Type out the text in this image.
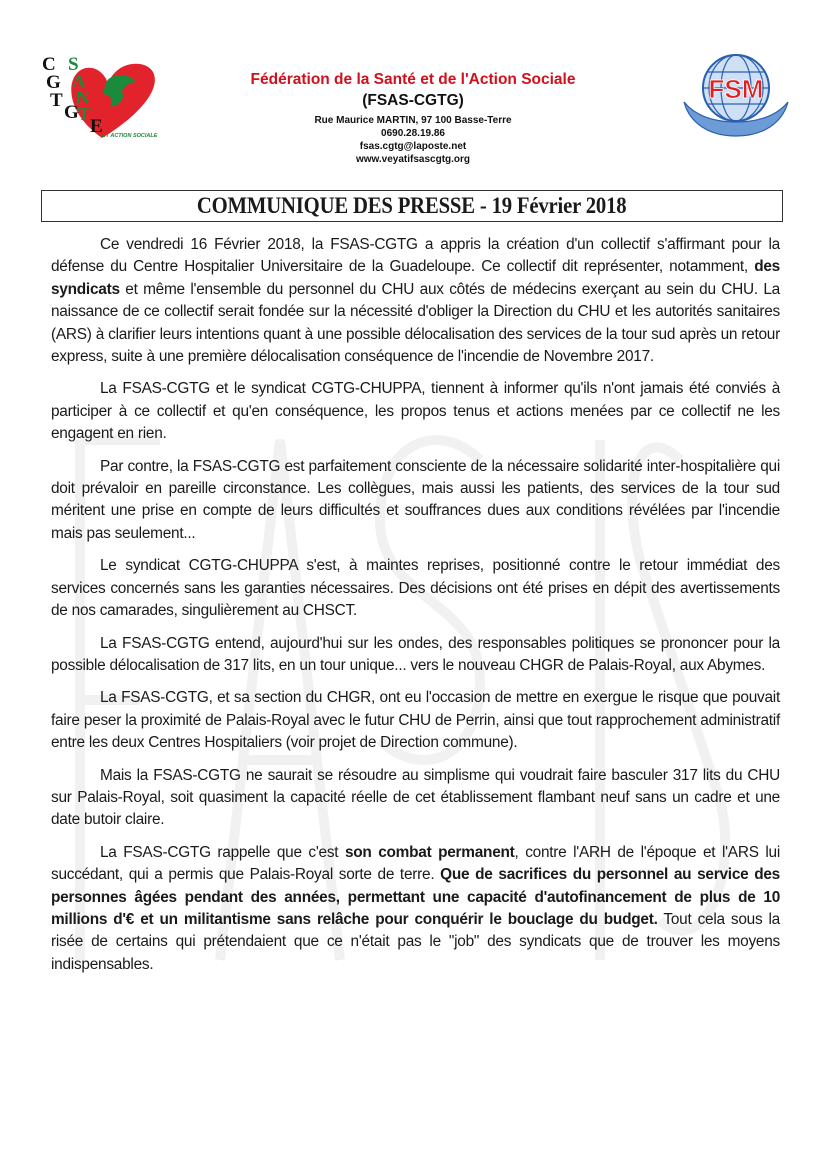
C S
G A
T N
G T
E ET ACTION SOCIALE
Fédération de la Santé et de l'Action Sociale
(FSAS-CGTG)
Rue Maurice MARTIN, 97 100 Basse-Terre
0690.28.19.86
fsas.cgtg@laposte.net
www.veyatifsascgtg.org
FSM
COMMUNIQUE DES PRESSE - 19 Février 2018

Ce vendredi 16 Février 2018, la FSAS-CGTG a appris la création d'un collectif s'affirmant pour la défense du Centre Hospitalier Universitaire de la Guadeloupe. Ce collectif dit représenter, notamment, des syndicats et même l'ensemble du personnel du CHU aux côtés de médecins exerçant au sein du CHU. La naissance de ce collectif serait fondée sur la nécessité d'obliger la Direction du CHU et les autorités sanitaires (ARS) à clarifier leurs intentions quant à une possible délocalisation des services de la tour sud après un retour express, suite à une première délocalisation conséquence de l'incendie de Novembre 2017.

La FSAS-CGTG et le syndicat CGTG-CHUPPA, tiennent à informer qu'ils n'ont jamais été conviés à participer à ce collectif et qu'en conséquence, les propos tenus et actions menées par ce collectif ne les engagent en rien.

Par contre, la FSAS-CGTG est parfaitement consciente de la nécessaire solidarité inter-hospitalière qui doit prévaloir en pareille circonstance. Les collègues, mais aussi les patients, des services de la tour sud méritent une prise en compte de leurs difficultés et souffrances dues aux conditions révélées par l'incendie mais pas seulement...

Le syndicat CGTG-CHUPPA s'est, à maintes reprises, positionné contre le retour immédiat des services concernés sans les garanties nécessaires. Des décisions ont été prises en dépit des avertissements de nos camarades, singulièrement au CHSCT.

La FSAS-CGTG entend, aujourd'hui sur les ondes, des responsables politiques se prononcer pour la possible délocalisation de 317 lits, en un tour unique... vers le nouveau CHGR de Palais-Royal, aux Abymes.

La FSAS-CGTG, et sa section du CHGR, ont eu l'occasion de mettre en exergue le risque que pouvait faire peser la proximité de Palais-Royal avec le futur CHU de Perrin, ainsi que tout rapprochement administratif entre les deux Centres Hospitaliers (voir projet de Direction commune).

Mais la FSAS-CGTG ne saurait se résoudre au simplisme qui voudrait faire basculer 317 lits du CHU sur Palais-Royal, soit quasiment la capacité réelle de cet établissement flambant neuf sans un cadre et une date butoir claire.

La FSAS-CGTG rappelle que c'est son combat permanent, contre l'ARH de l'époque et l'ARS lui succédant, qui a permis que Palais-Royal sorte de terre. Que de sacrifices du personnel au service des personnes âgées pendant des années, permettant une capacité d'autofinancement de plus de 10 millions d'€ et un militantisme sans relâche pour conquérir le bouclage du budget. Tout cela sous la risée de certains qui prétendaient que ce n'était pas le "job" des syndicats que de trouver les moyens indispensables.
